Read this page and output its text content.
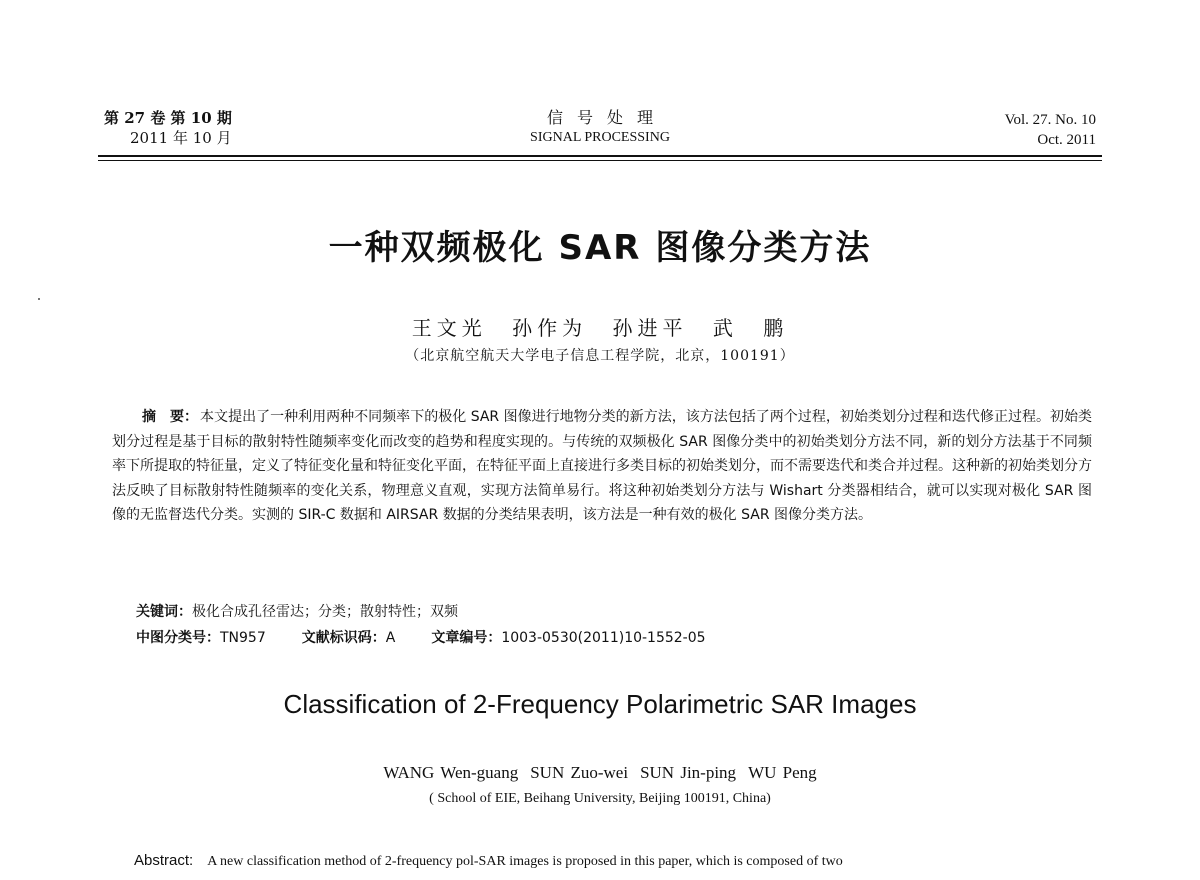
第 27 卷 第 10 期
2011 年 10 月
信号处理
SIGNAL PROCESSING
Vol. 27. No. 10
Oct. 2011
一种双频极化 SAR 图像分类方法
王文光 孙作为 孙进平 武 鹏
（北京航空航天大学电子信息工程学院，北京，100191）
摘　要： 本文提出了一种利用两种不同频率下的极化 SAR 图像进行地物分类的新方法，该方法包括了两个过程，初始类划分过程和迭代修正过程。初始类划分过程是基于目标的散射特性随频率变化而改变的趋势和程度实现的。与传统的双频极化 SAR 图像分类中的初始类划分方法不同，新的划分方法基于不同频率下所提取的特征量，定义了特征变化量和特征变化平面，在特征平面上直接进行多类目标的初始类划分，而不需要迭代和类合并过程。这种新的初始类划分方法反映了目标散射特性随频率的变化关系，物理意义直观，实现方法简单易行。将这种初始类划分方法与 Wishart 分类器相结合，就可以实现对极化 SAR 图像的无监督迭代分类。实测的 SIR-C 数据和 AIRSAR 数据的分类结果表明，该方法是一种有效的极化 SAR 图像分类方法。
关键词：极化合成孔径雷达；分类；散射特性；双频
中图分类号：TN957	文献标识码：A	文章编号：1003-0530(2011)10-1552-05
Classification of 2-Frequency Polarimetric SAR Images
WANG Wen-guang SUN Zuo-wei SUN Jin-ping WU Peng
( School of EIE, Beihang University, Beijing 100191, China)
Abstract: A new classification method of 2-frequency pol-SAR images is proposed in this paper, which is composed of two
